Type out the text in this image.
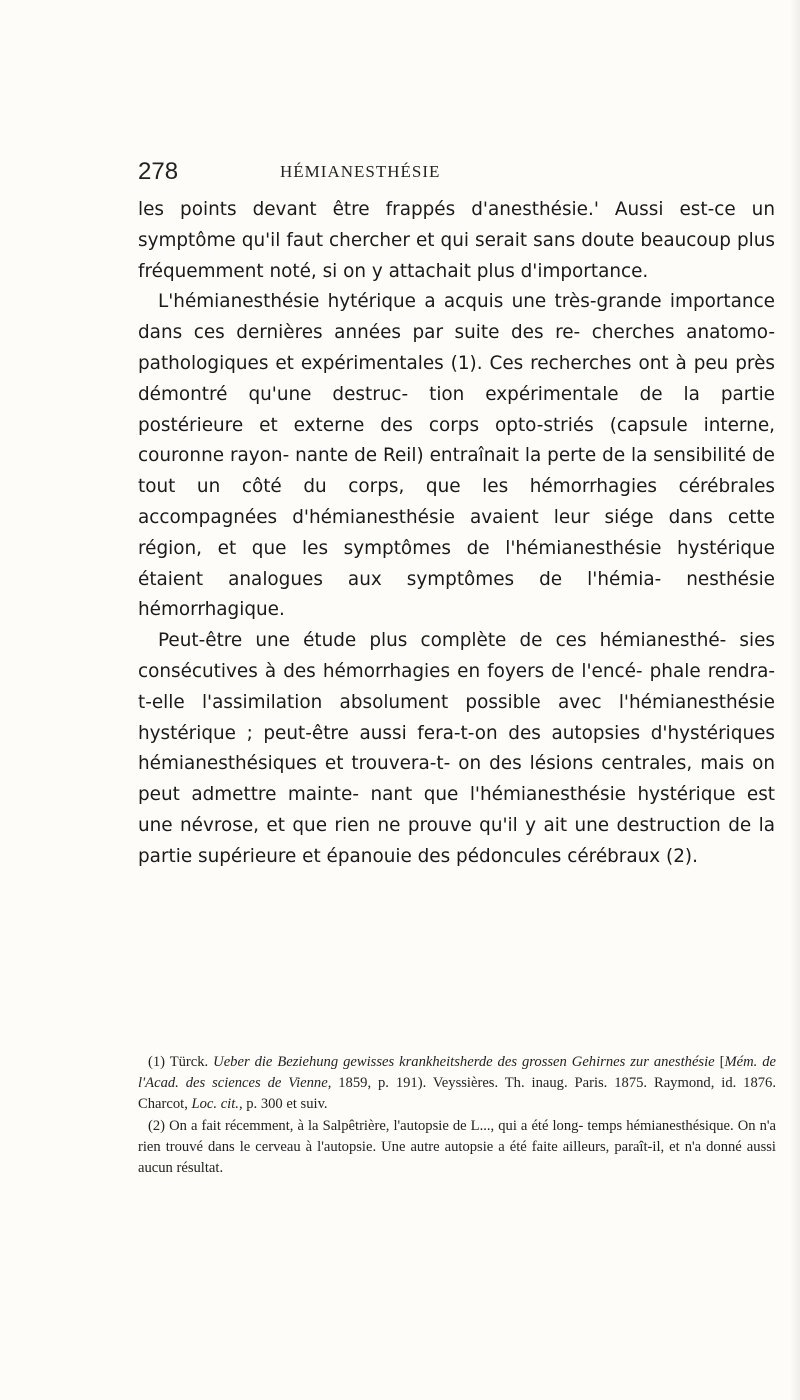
278	HÉMIANESTHÉSIE

les points devant être frappés d'anesthésie.' Aussi est-ce un symptôme qu'il faut chercher et qui serait sans doute beaucoup plus fréquemment noté, si on y attachait plus d'importance.

L'hémianesthésie hytérique a acquis une très-grande importance dans ces dernières années par suite des re- cherches anatomo-pathologiques et expérimentales (1). Ces recherches ont à peu près démontré qu'une destruc- tion expérimentale de la partie postérieure et externe des corps opto-striés (capsule interne, couronne rayon- nante de Reil) entraînait la perte de la sensibilité de tout un côté du corps, que les hémorrhagies cérébrales accompagnées d'hémianesthésie avaient leur siége dans cette région, et que les symptômes de l'hémianesthésie hystérique étaient analogues aux symptômes de l'hémia- nesthésie hémorrhagique.

Peut-être une étude plus complète de ces hémianesthé- sies consécutives à des hémorrhagies en foyers de l'encé- phale rendra-t-elle l'assimilation absolument possible avec l'hémianesthésie hystérique ; peut-être aussi fera-t-on des autopsies d'hystériques hémianesthésiques et trouvera-t- on des lésions centrales, mais on peut admettre mainte- nant que l'hémianesthésie hystérique est une névrose, et que rien ne prouve qu'il y ait une destruction de la partie supérieure et épanouie des pédoncules cérébraux (2).

(1) Türck. Ueber die Beziehung gewisses krankheitsherde des grossen Gehirnes zur anesthésie [Mém. de l'Acad. des sciences de Vienne, 1859, p. 191). Veyssières. Th. inaug. Paris. 1875. Raymond, id. 1876. Charcot, Loc. cit., p. 300 et suiv.

(2) On a fait récemment, à la Salpêtrière, l'autopsie de L..., qui a été long- temps hémianesthésique. On n'a rien trouvé dans le cerveau à l'autopsie. Une autre autopsie a été faite ailleurs, paraît-il, et n'a donné aussi aucun résultat.
